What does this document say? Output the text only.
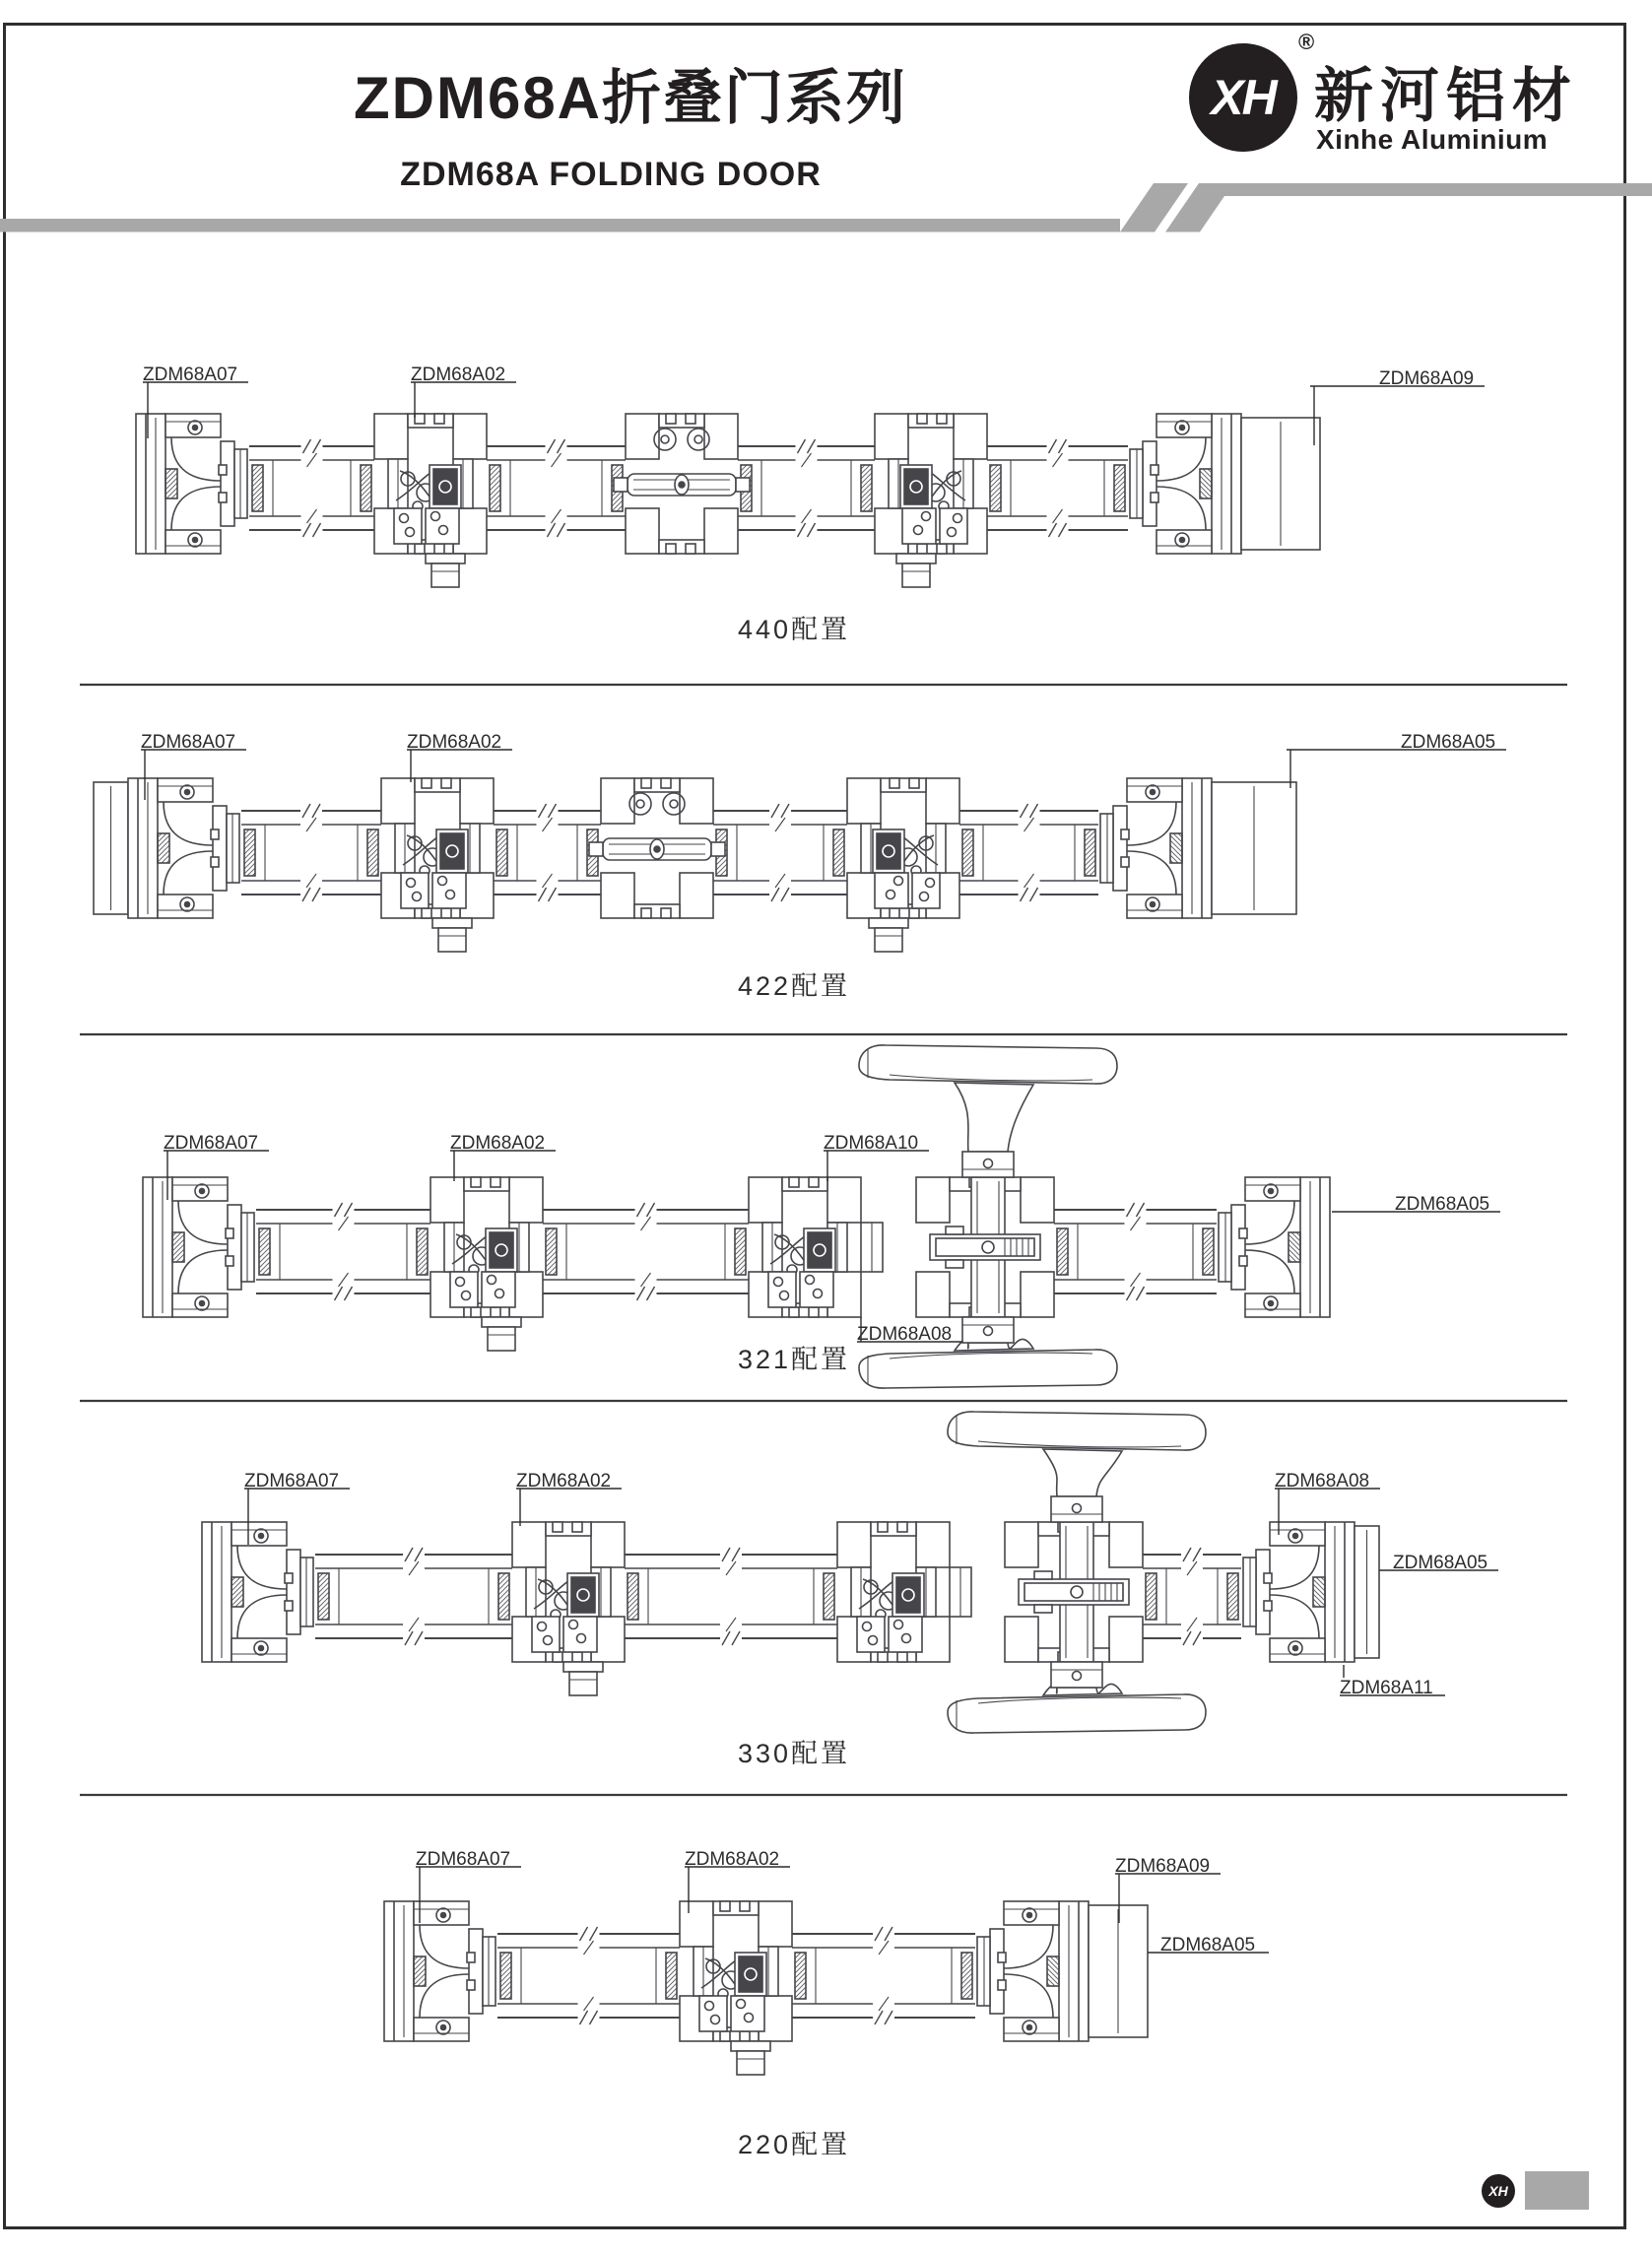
ZDM68A07	ZDM68A02	ZDM68A09
440配置
ZDM68A07	ZDM68A02	ZDM68A05
422配置
ZDM68A07	ZDM68A02	ZDM68A10
ZDM68A08
ZDM68A05
321配置
ZDM68A07	ZDM68A02	ZDM68A08
ZDM68A05
ZDM68A11
330配置
ZDM68A07	ZDM68A02	ZDM68A09
ZDM68A05
220配置
ZDM68A折叠门系列
ZDM68A FOLDING DOOR
XH
®
新河铝材
Xinhe Aluminium
XH
